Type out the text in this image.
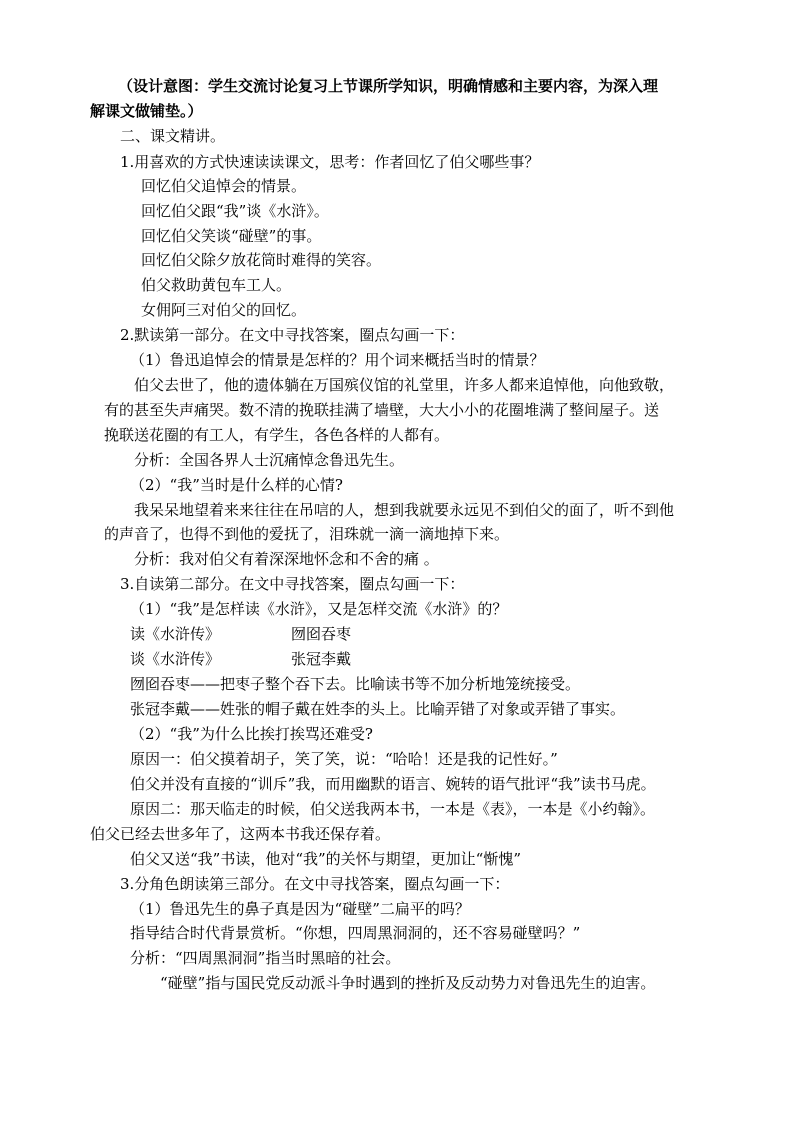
（设计意图：学生交流讨论复习上节课所学知识，明确情感和主要内容，为深入理
解课文做铺垫。）
二、课文精讲。
1.用喜欢的方式快速读读课文，思考：作者回忆了伯父哪些事？
回忆伯父追悼会的情景。
回忆伯父跟“我”谈《水浒》。
回忆伯父笑谈“碰壁”的事。
回忆伯父除夕放花筒时难得的笑容。
伯父救助黄包车工人。
女佣阿三对伯父的回忆。
2.默读第一部分。在文中寻找答案，圈点勾画一下：
（1）鲁迅追悼会的情景是怎样的？用个词来概括当时的情景？
伯父去世了，他的遗体躺在万国殡仪馆的礼堂里，许多人都来追悼他，向他致敬，
有的甚至失声痛哭。数不清的挽联挂满了墙壁，大大小小的花圈堆满了整间屋子。送
挽联送花圈的有工人，有学生，各色各样的人都有。
分析：全国各界人士沉痛悼念鲁迅先生。
（2）“我”当时是什么样的心情?
我呆呆地望着来来往往在吊唁的人，想到我就要永远见不到伯父的面了，听不到他
的声音了，也得不到他的爱抚了，泪珠就一滴一滴地掉下来。
分析：我对伯父有着深深地怀念和不舍的痛 。
3.自读第二部分。在文中寻找答案，圈点勾画一下：
（1）“我”是怎样读《水浒》，又是怎样交流《水浒》的？
读《水浒传》	囫囵吞枣
谈《水浒传》	张冠李戴
囫囵吞枣——把枣子整个吞下去。比喻读书等不加分析地笼统接受。
张冠李戴——姓张的帽子戴在姓李的头上。比喻弄错了对象或弄错了事实。
（2）“我”为什么比挨打挨骂还难受?
原因一：伯父摸着胡子，笑了笑，说：“哈哈！还是我的记性好。”
伯父并没有直接的“训斥”我，而用幽默的语言、婉转的语气批评“我”读书马虎。
原因二：那天临走的时候，伯父送我两本书，一本是《表》，一本是《小约翰》。
伯父已经去世多年了，这两本书我还保存着。
伯父又送“我”书读，他对“我”的关怀与期望，更加让“惭愧”
3.分角色朗读第三部分。在文中寻找答案，圈点勾画一下：
（1）鲁迅先生的鼻子真是因为“碰壁”二扁平的吗？
指导结合时代背景赏析。“你想，四周黑洞洞的，还不容易碰壁吗？”
分析：“四周黑洞洞”指当时黑暗的社会。
“碰壁”指与国民党反动派斗争时遇到的挫折及反动势力对鲁迅先生的迫害。
